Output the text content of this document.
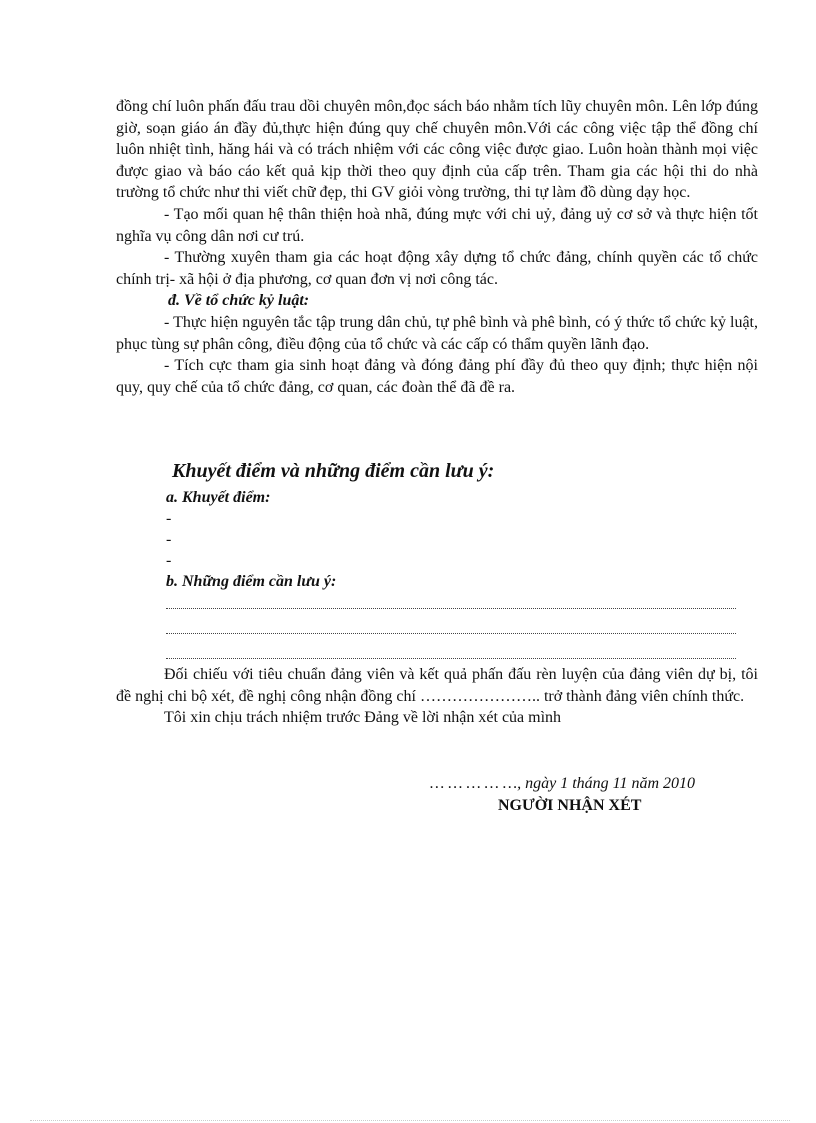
đồng chí luôn phấn đấu trau dồi chuyên môn,đọc sách báo nhằm tích lũy chuyên môn. Lên lớp đúng giờ, soạn giáo án đầy đủ,thực hiện đúng quy chế chuyên môn.Với các công việc tập thể đồng chí luôn nhiệt tình, hăng hái và có trách nhiệm với các công việc được giao. Luôn hoàn thành mọi việc được giao và báo cáo kết quả kịp thời theo quy định của cấp trên. Tham gia các hội thi do nhà trường tổ chức như thi viết chữ đẹp, thi GV giỏi vòng trường, thi tự làm đồ dùng dạy học.

- Tạo mối quan hệ thân thiện hoà nhã, đúng mực với chi uỷ, đảng uỷ cơ sở và thực hiện tốt nghĩa vụ công dân nơi cư trú.

- Thường xuyên tham gia các hoạt động xây dựng tổ chức đảng, chính quyền các tổ chức chính trị- xã hội ở địa phương, cơ quan đơn vị nơi công tác.

đ. Về tổ chức kỷ luật:

- Thực hiện nguyên tắc tập trung dân chủ, tự phê bình và phê bình, có ý thức tổ chức kỷ luật, phục tùng sự phân công, điều động của tổ chức và các cấp có thẩm quyền lãnh đạo.

- Tích cực tham gia sinh hoạt đảng và đóng đảng phí đầy đủ theo quy định; thực hiện nội quy, quy chế của tổ chức đảng, cơ quan, các đoàn thể đã đề ra.

Khuyết điểm và những điểm cần lưu ý:

a. Khuyết điểm:

-

-

-

b. Những điểm cần lưu ý:

Đối chiếu với tiêu chuẩn đảng viên và kết quả phấn đấu rèn luyện của đảng viên dự bị, tôi đề nghị chi bộ xét, đề nghị công nhận đồng chí ………………….. trở thành đảng viên chính thức.

Tôi xin chịu trách nhiệm trước Đảng về lời nhận xét của mình

… … … … …, ngày 1 tháng 11 năm 2010
NGƯỜI NHẬN XÉT
